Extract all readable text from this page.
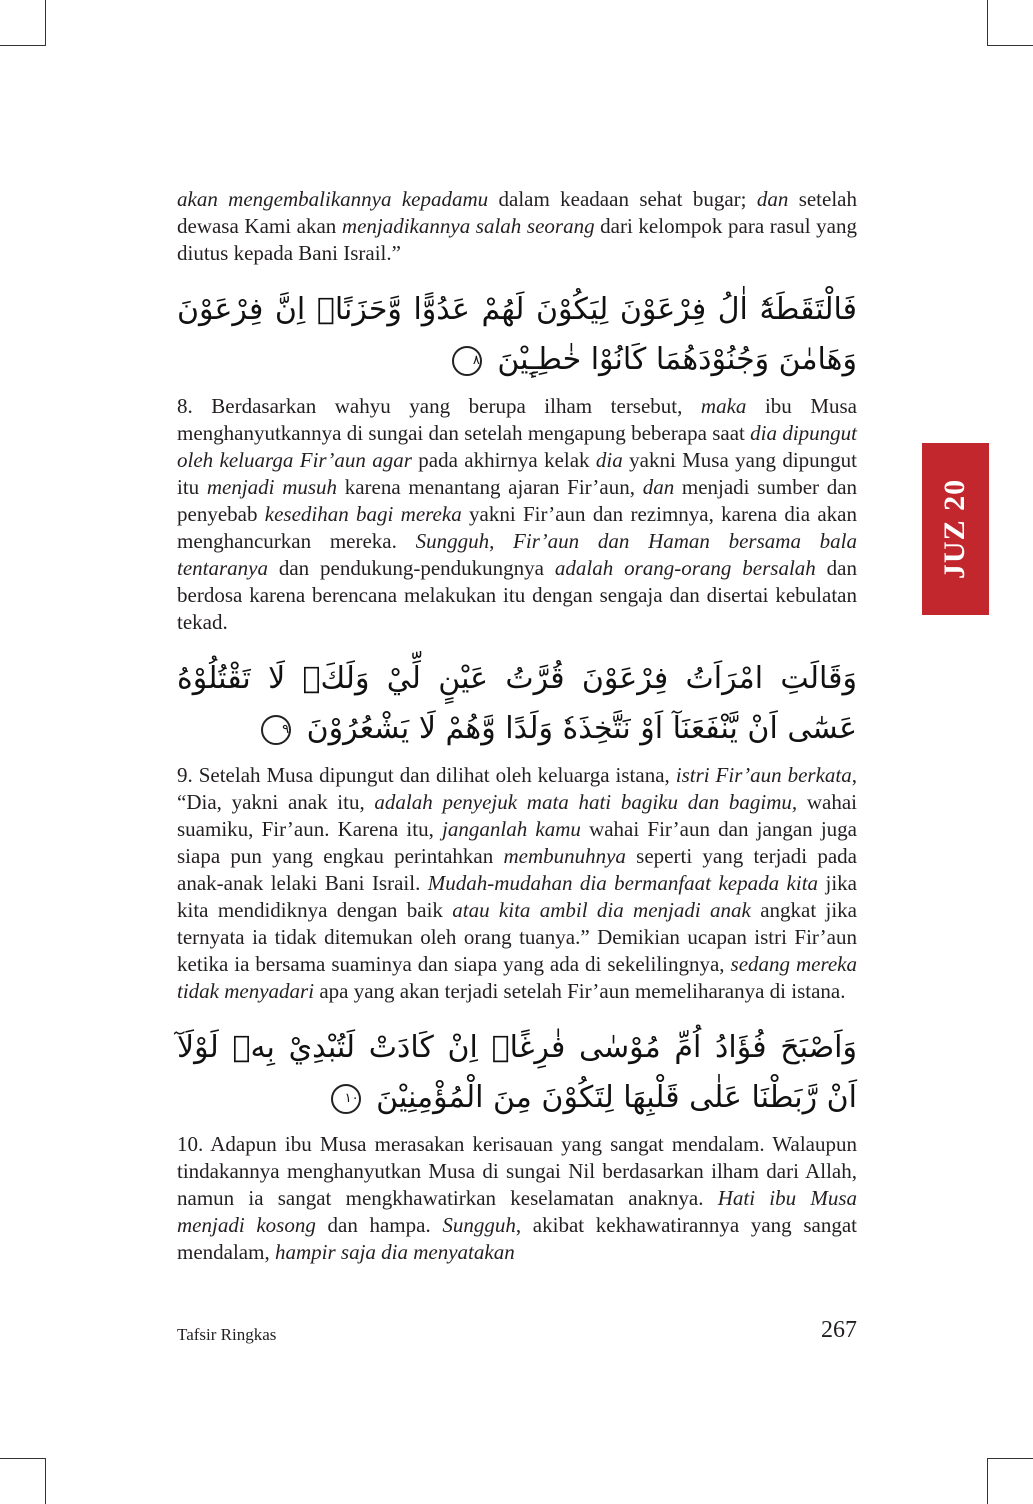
JUZ 20

akan mengembalikannya kepadamu dalam keadaan sehat bugar; dan setelah dewasa Kami akan menjadikannya salah seorang dari kelompok para rasul yang diutus kepada Bani Israil.”

فَالْتَقَطَهٗٓ اٰلُ فِرْعَوْنَ لِيَكُوْنَ لَهُمْ عَدُوًّا وَّحَزَنًاۗ اِنَّ فِرْعَوْنَ وَهَامٰنَ وَجُنُوْدَهُمَا كَانُوْا خٰطِـِٕيْنَ ٨

8. Berdasarkan wahyu yang berupa ilham tersebut, maka ibu Musa menghanyutkannya di sungai dan setelah mengapung beberapa saat dia dipungut oleh keluarga Fir’aun agar pada akhirnya kelak dia yakni Musa yang dipungut itu menjadi musuh karena menantang ajaran Fir’aun, dan menjadi sumber dan penyebab kesedihan bagi mereka yakni Fir’aun dan rezimnya, karena dia akan menghancurkan mereka. Sungguh, Fir’aun dan Haman bersama bala tentaranya dan pendukung-pendukungnya adalah orang-orang bersalah dan berdosa karena berencana melakukan itu dengan sengaja dan disertai kebulatan tekad.

وَقَالَتِ امْرَاَتُ فِرْعَوْنَ قُرَّتُ عَيْنٍ لِّيْ وَلَكَۗ لَا تَقْتُلُوْهُ عَسٰٓى اَنْ يَّنْفَعَنَآ اَوْ نَتَّخِذَهٗ وَلَدًا وَّهُمْ لَا يَشْعُرُوْنَ ٩

9. Setelah Musa dipungut dan dilihat oleh keluarga istana, istri Fir’aun berkata, “Dia, yakni anak itu, adalah penyejuk mata hati bagiku dan bagimu, wahai suamiku, Fir’aun. Karena itu, janganlah kamu wahai Fir’aun dan jangan juga siapa pun yang engkau perintahkan membunuhnya seperti yang terjadi pada anak-anak lelaki Bani Israil. Mudah-mudahan dia bermanfaat kepada kita jika kita mendidiknya dengan baik atau kita ambil dia menjadi anak angkat jika ternyata ia tidak ditemukan oleh orang tuanya.” Demikian ucapan istri Fir’aun ketika ia bersama suaminya dan siapa yang ada di sekelilingnya, sedang mereka tidak menyadari apa yang akan terjadi setelah Fir’aun memeliharanya di istana.

وَاَصْبَحَ فُؤَادُ اُمِّ مُوْسٰى فٰرِغًاۗ اِنْ كَادَتْ لَتُبْدِيْ بِهٖ لَوْلَآ اَنْ رَّبَطْنَا عَلٰى قَلْبِهَا لِتَكُوْنَ مِنَ الْمُؤْمِنِيْنَ ١٠

10. Adapun ibu Musa merasakan kerisauan yang sangat mendalam. Walaupun tindakannya menghanyutkan Musa di sungai Nil berdasarkan ilham dari Allah, namun ia sangat mengkhawatirkan keselamatan anaknya. Hati ibu Musa menjadi kosong dan hampa. Sungguh, akibat kekhawatirannya yang sangat mendalam, hampir saja dia menyatakan

Tafsir Ringkas	267
